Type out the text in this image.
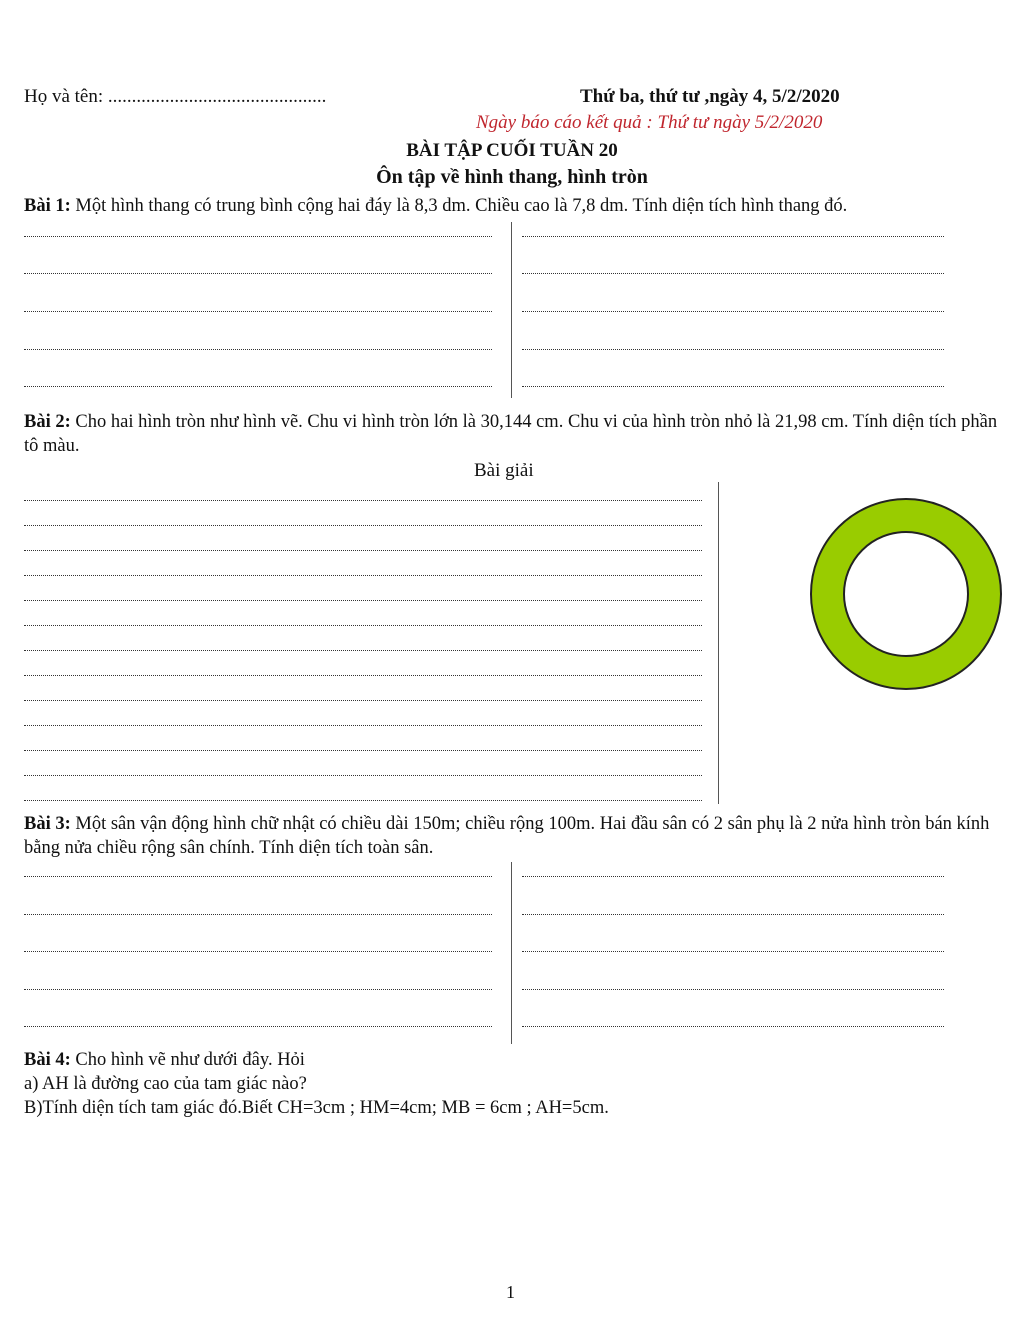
Họ và tên: ..............................................	Thứ ba, thứ tư ,ngày 4, 5/2/2020
Ngày báo cáo kết quả : Thứ tư ngày 5/2/2020
BÀI TẬP CUỐI TUẦN 20
Ôn tập về hình thang, hình tròn
Bài 1: Một hình thang có trung bình cộng hai đáy là 8,3 dm. Chiều cao là 7,8 dm. Tính diện tích hình thang đó.
Bài 2: Cho hai hình tròn như hình vẽ. Chu vi hình tròn lớn là 30,144 cm. Chu vi của hình tròn nhỏ là 21,98 cm. Tính diện tích phần tô màu.
Bài giải
Bài 3: Một sân vận động hình chữ nhật có chiều dài 150m; chiều rộng 100m. Hai đầu sân có 2 sân phụ là 2 nửa hình tròn bán kính bằng nửa chiều rộng sân chính. Tính diện tích toàn sân.
Bài 4: Cho hình vẽ như dưới đây. Hỏi
a) AH là đường cao của tam giác nào?
B)Tính diện tích tam giác đó.Biết CH=3cm ; HM=4cm; MB = 6cm ; AH=5cm.
1
